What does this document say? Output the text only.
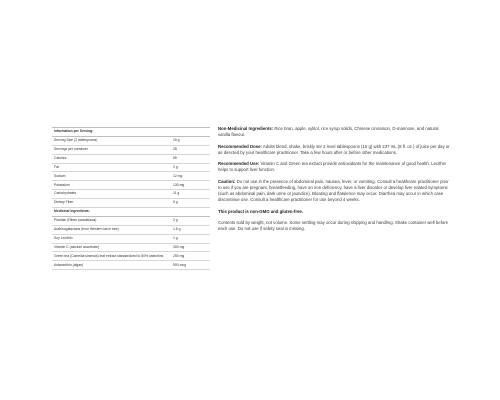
Information per Serving:	
Serving Size (2 tablespoons)	15 g
Servings per container	28
Calories	55
Fat	2 g
Sodium	12 mg
Potassium	130 mg
Carbohydrates	11 g
Dietary Fiber	5 g
Medicinal Ingredients:	
Plantain (Ribes paradisiaca)	2 g
Arabinogalactans (from Western larch tree)	1.5 g
Soy Lecithin	1 g
Vitamin C (calcium ascorbate)	300 mg
Green tea (Camellia sinensis) leaf extract standardized to 60% catechins	250 mg
Astaxanthin (algae)	900 mcg

Non-Medicinal Ingredients: Rice bran, apple, xylitol, rice syrup solids, Chinese cinnamon, D-mannose, and natural vanilla flavour.

Recommended Dose: Adults blend, shake, briskly stir 2 level tablespoons (15 g) with 237 mL (8 fl. oz.) of juice per day or as directed by your healthcare practitioner. Take a few hours after or before other medications.

Recommended Use: Vitamin C and Green tea extract provide antioxidants for the maintenance of good health. Lecithin helps to support liver function.

Caution: Do not use in the presence of abdominal pain, nausea, fever, or vomiting. Consult a healthcare practitioner prior to use if you are pregnant, breastfeeding, have an iron deficiency, have a liver disorder or develop liver related symptoms (such as abdominal pain, dark urine or jaundice). Bloating and flatulence may occur. Diarrhea may occur in which case discontinue use. Consult a healthcare practitioner for use beyond 4 weeks.

This product is non-GMO and gluten-free.

Contents sold by weight, not volume. Some settling may occur during shipping and handling. Shake container well before each use. Do not use if safety seal is missing.
